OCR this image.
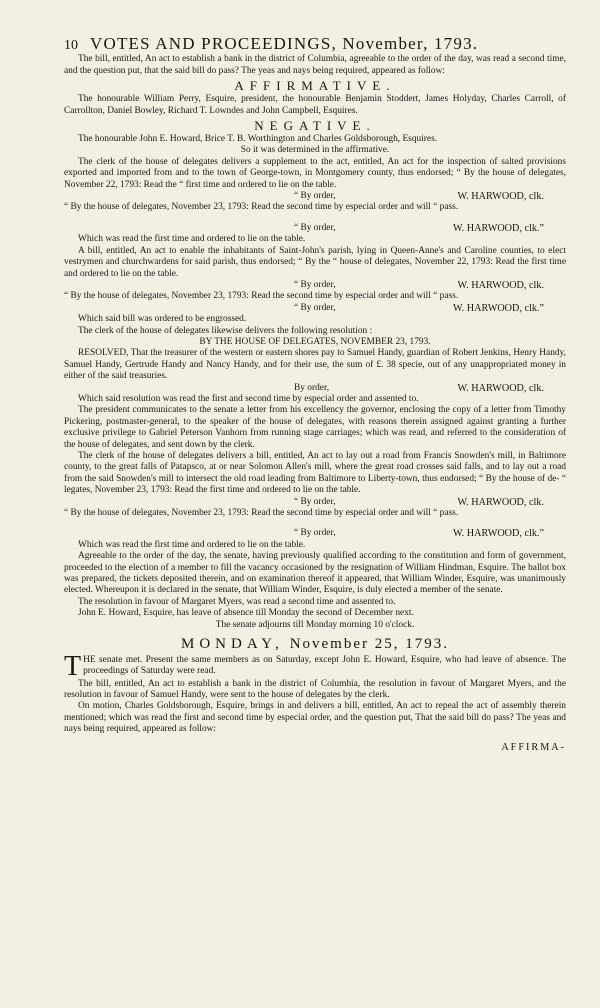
10 VOTES AND PROCEEDINGS, November, 1793.

The bill, entitled, An act to establish a bank in the district of Columbia, agreeable to the order of the day, was read a second time, and the question put, that the said bill do pass? The yeas and nays being required, appeared as follow:

AFFIRMATIVE.

The honourable William Perry, Esquire, president, the honourable Benjamin Stoddert, James Holyday, Charles Carroll, of Carrollton, Daniel Bowley, Richard T. Lowndes and John Campbell, Esquires.

NEGATIVE.

The honourable John E. Howard, Brice T. B. Worthington and Charles Goldsborough, Esquires.

So it was determined in the affirmative.

The clerk of the house of delegates delivers a supplement to the act, entitled, An act for the inspection of salted provisions exported and imported from and to the town of George-town, in Montgomery county, thus endorsed; “ By the house of delegates, November 22, 1793: Read the “ first time and ordered to lie on the table.

“ By order,	W. HARWOOD, clk.

“ By the house of delegates, November 23, 1793: Read the second time by especial order and will “ pass.

“ By order,	W. HARWOOD, clk.”

Which was read the first time and ordered to lie on the table.

A bill, entitled, An act to enable the inhabitants of Saint-John's parish, lying in Queen-Anne's and Caroline counties, to elect vestrymen and churchwardens for said parish, thus endorsed; “ By the “ house of delegates, November 22, 1793: Read the first time and ordered to lie on the table.

“ By order,	W. HARWOOD, clk.

“ By the house of delegates, November 23, 1793: Read the second time by especial order and will “ pass.

“ By order,	W. HARWOOD, clk.”

Which said bill was ordered to be engrossed.

The clerk of the house of delegates likewise delivers the following resolution :

BY THE HOUSE OF DELEGATES, NOVEMBER 23, 1793.

RESOLVED, That the treasurer of the western or eastern shores pay to Samuel Handy, guardian of Robert Jenkins, Henry Handy, Samuel Handy, Gertrude Handy and Nancy Handy, and for their use, the sum of £. 38 specie, out of any unappropriated money in either of the said treasuries.

By order,	W. HARWOOD, clk.

Which said resolution was read the first and second time by especial order and assented to.

The president communicates to the senate a letter from his excellency the governor, enclosing the copy of a letter from Timothy Pickering, postmaster-general, to the speaker of the house of delegates, with reasons therein assigned against granting a further exclusive privilege to Gabriel Peterson Vanhorn from running stage carriages; which was read, and referred to the consideration of the house of delegates, and sent down by the clerk.

The clerk of the house of delegates delivers a bill, entitled, An act to lay out a road from Francis Snowden's mill, in Baltimore county, to the great falls of Patapsco, at or near Solomon Allen's mill, where the great road crosses said falls, and to lay out a road from the said Snowden's mill to intersect the old road leading from Baltimore to Liberty-town, thus endorsed; “ By the house of de- “ legates, November 23, 1793: Read the first time and ordered to lie on the table.

“ By order,	W. HARWOOD, clk.

“ By the house of delegates, November 23, 1793: Read the second time by especial order and will “ pass.

“ By order,	W. HARWOOD, clk.”

Which was read the first time and ordered to lie on the table.

Agreeable to the order of the day, the senate, having previously qualified according to the constitution and form of government, proceeded to the election of a member to fill the vacancy occasioned by the resignation of William Hindman, Esquire. The ballot box was prepared, the tickets deposited therein, and on examination thereof it appeared, that William Winder, Esquire, was unanimously elected. Whereupon it is declared in the senate, that William Winder, Esquire, is duly elected a member of the senate.

The resolution in favour of Margaret Myers, was read a second time and assented to.

John E. Howard, Esquire, has leave of absence till Monday the second of December next.

The senate adjourns till Monday morning 10 o'clock.

MONDAY, November 25, 1793.
T HE senate met. Present the same members as on Saturday, except John E. Howard, Esquire, who had leave of absence. The proceedings of Saturday were read.

The bill, entitled, An act to establish a bank in the district of Columbia, the resolution in favour of Margaret Myers, and the resolution in favour of Samuel Handy, were sent to the house of delegates by the clerk.

On motion, Charles Goldsborough, Esquire, brings in and delivers a bill, entitled, An act to repeal the act of assembly therein mentioned; which was read the first and second time by especial order, and the question put, That the said bill do pass? The yeas and nays being required, appeared as follow:

AFFIRMA-
